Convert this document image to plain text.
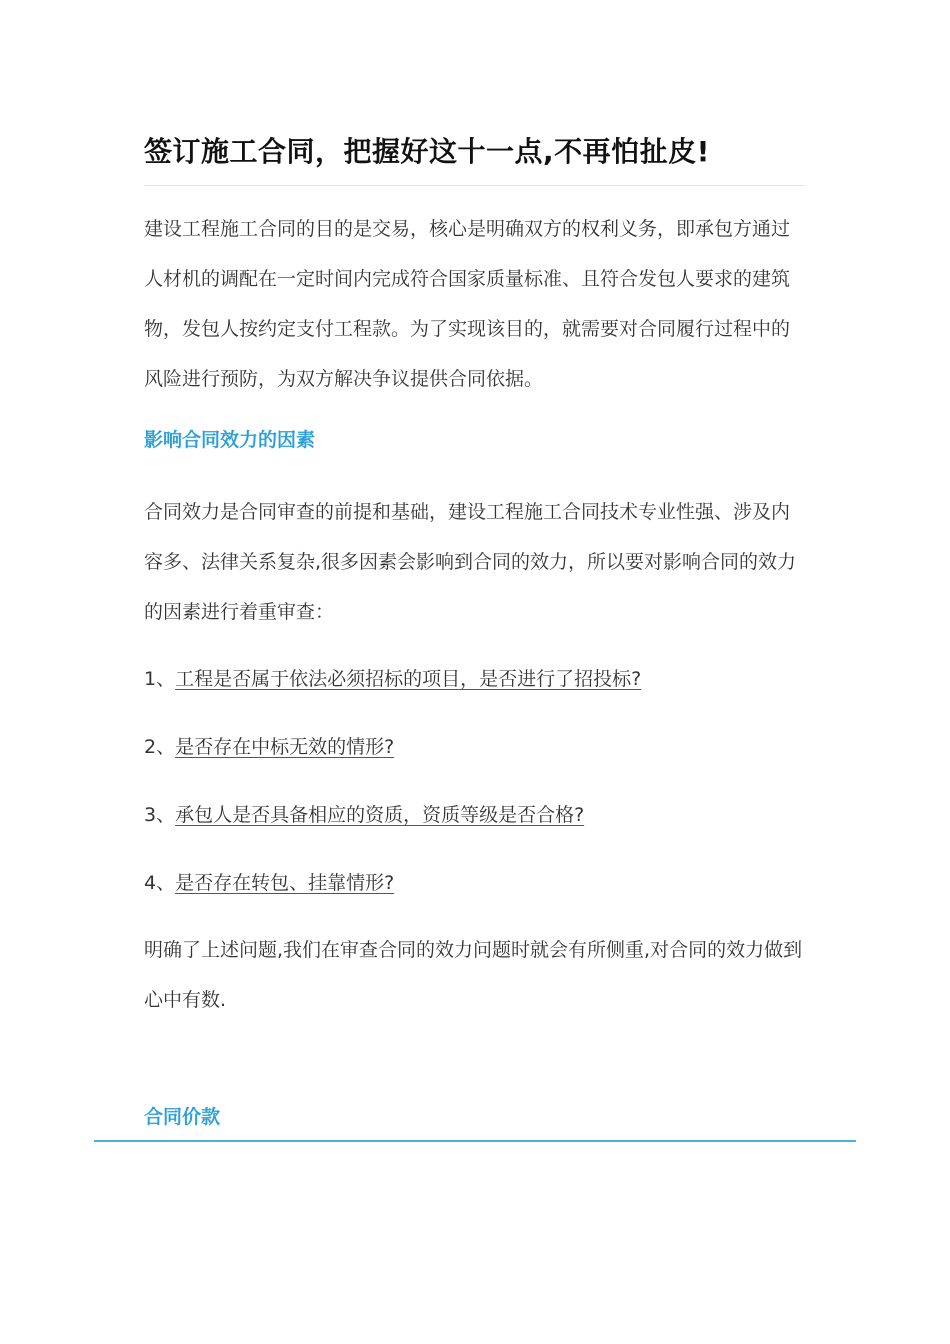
签订施工合同，把握好这十一点,不再怕扯皮!

建设工程施工合同的目的是交易，核心是明确双方的权利义务，即承包方通过人材机的调配在一定时间内完成符合国家质量标准、且符合发包人要求的建筑物，发包人按约定支付工程款。为了实现该目的，就需要对合同履行过程中的风险进行预防，为双方解决争议提供合同依据。

影响合同效力的因素

合同效力是合同审查的前提和基础，建设工程施工合同技术专业性强、涉及内容多、法律关系复杂,很多因素会影响到合同的效力，所以要对影响合同的效力的因素进行着重审查：

1、工程是否属于依法必须招标的项目，是否进行了招投标?
2、是否存在中标无效的情形?
3、承包人是否具备相应的资质，资质等级是否合格?
4、是否存在转包、挂靠情形?

明确了上述问题,我们在审查合同的效力问题时就会有所侧重,对合同的效力做到心中有数.

合同价款
